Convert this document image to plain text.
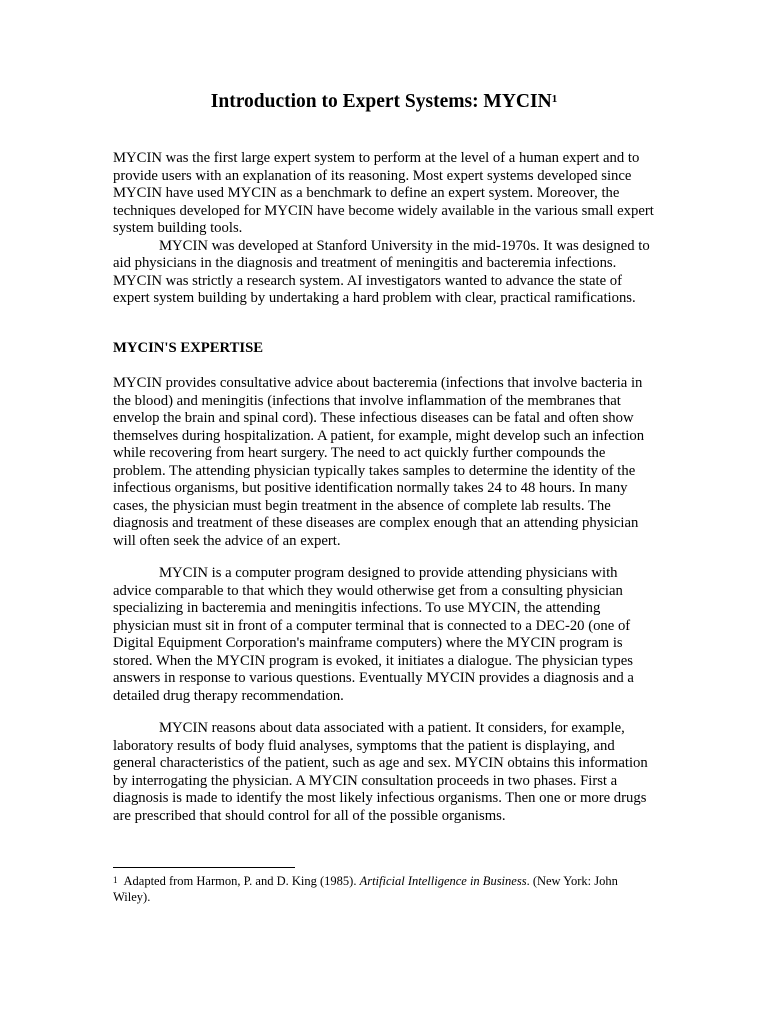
Introduction to Expert Systems: MYCIN$^1$

MYCIN was the first large expert system to perform at the level of a human expert and to provide users with an explanation of its reasoning. Most expert systems developed since MYCIN have used MYCIN as a benchmark to define an expert system. Moreover, the techniques developed for MYCIN have become widely available in the various small expert system building tools.

MYCIN was developed at Stanford University in the mid-1970s. It was designed to aid physicians in the diagnosis and treatment of meningitis and bacteremia infections. MYCIN was strictly a research system. AI investigators wanted to advance the state of expert system building by undertaking a hard problem with clear, practical ramifications.

MYCIN'S EXPERTISE

MYCIN provides consultative advice about bacteremia (infections that involve bacteria in the blood) and meningitis (infections that involve inflammation of the membranes that envelop the brain and spinal cord). These infectious diseases can be fatal and often show themselves during hospitalization. A patient, for example, might develop such an infection while recovering from heart surgery. The need to act quickly further compounds the problem. The attending physician typically takes samples to determine the identity of the infectious organisms, but positive identification normally takes 24 to 48 hours. In many cases, the physician must begin treatment in the absence of complete lab results. The diagnosis and treatment of these diseases are complex enough that an attending physician will often seek the advice of an expert.

MYCIN is a computer program designed to provide attending physicians with advice comparable to that which they would otherwise get from a consulting physician specializing in bacteremia and meningitis infections. To use MYCIN, the attending physician must sit in front of a computer terminal that is connected to a DEC-20 (one of Digital Equipment Corporation's mainframe computers) where the MYCIN program is stored. When the MYCIN program is evoked, it initiates a dialogue. The physician types answers in response to various questions. Eventually MYCIN provides a diagnosis and a detailed drug therapy recommendation.

MYCIN reasons about data associated with a patient. It considers, for example, laboratory results of body fluid analyses, symptoms that the patient is displaying, and general characteristics of the patient, such as age and sex. MYCIN obtains this information by interrogating the physician. A MYCIN consultation proceeds in two phases. First a diagnosis is made to identify the most likely infectious organisms. Then one or more drugs are prescribed that should control for all of the possible organisms.

$^1$ Adapted from Harmon, P. and D. King (1985). Artificial Intelligence in Business. (New York: John Wiley).
